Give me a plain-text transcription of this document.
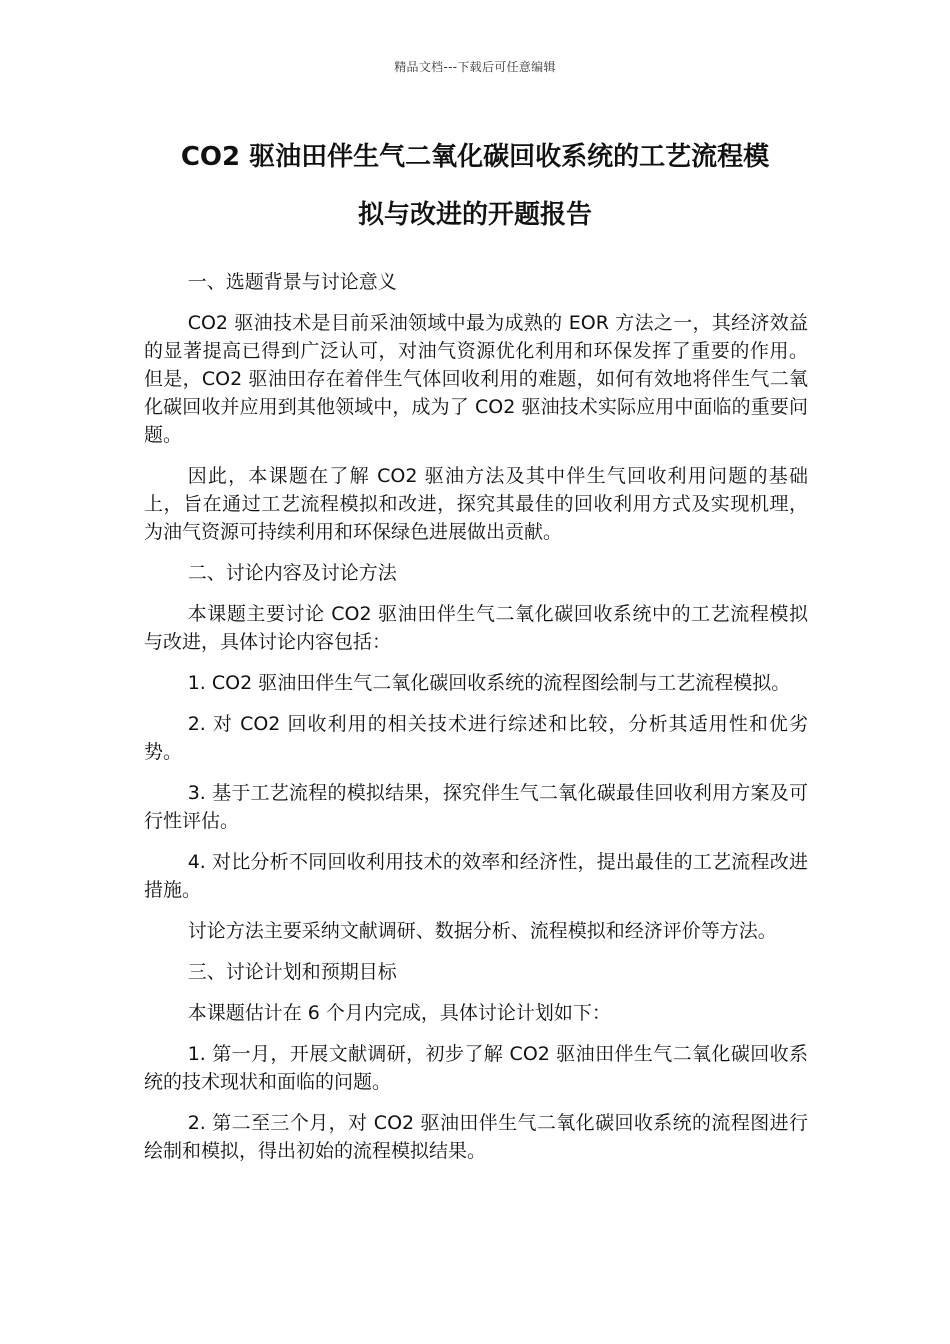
精品文档---下载后可任意编辑
CO2 驱油田伴生气二氧化碳回收系统的工艺流程模
拟与改进的开题报告

一、选题背景与讨论意义

CO2 驱油技术是目前采油领域中最为成熟的 EOR 方法之一，其经济效益的显著提高已得到广泛认可，对油气资源优化利用和环保发挥了重要的作用。但是，CO2 驱油田存在着伴生气体回收利用的难题，如何有效地将伴生气二氧化碳回收并应用到其他领域中，成为了 CO2 驱油技术实际应用中面临的重要问题。

因此，本课题在了解 CO2 驱油方法及其中伴生气回收利用问题的基础上，旨在通过工艺流程模拟和改进，探究其最佳的回收利用方式及实现机理，为油气资源可持续利用和环保绿色进展做出贡献。

二、讨论内容及讨论方法

本课题主要讨论 CO2 驱油田伴生气二氧化碳回收系统中的工艺流程模拟与改进，具体讨论内容包括：

1. CO2 驱油田伴生气二氧化碳回收系统的流程图绘制与工艺流程模拟。

2. 对 CO2 回收利用的相关技术进行综述和比较，分析其适用性和优劣势。

3. 基于工艺流程的模拟结果，探究伴生气二氧化碳最佳回收利用方案及可行性评估。

4. 对比分析不同回收利用技术的效率和经济性，提出最佳的工艺流程改进措施。

讨论方法主要采纳文献调研、数据分析、流程模拟和经济评价等方法。

三、讨论计划和预期目标

本课题估计在 6 个月内完成，具体讨论计划如下：

1. 第一月，开展文献调研，初步了解 CO2 驱油田伴生气二氧化碳回收系统的技术现状和面临的问题。

2. 第二至三个月，对 CO2 驱油田伴生气二氧化碳回收系统的流程图进行绘制和模拟，得出初始的流程模拟结果。
